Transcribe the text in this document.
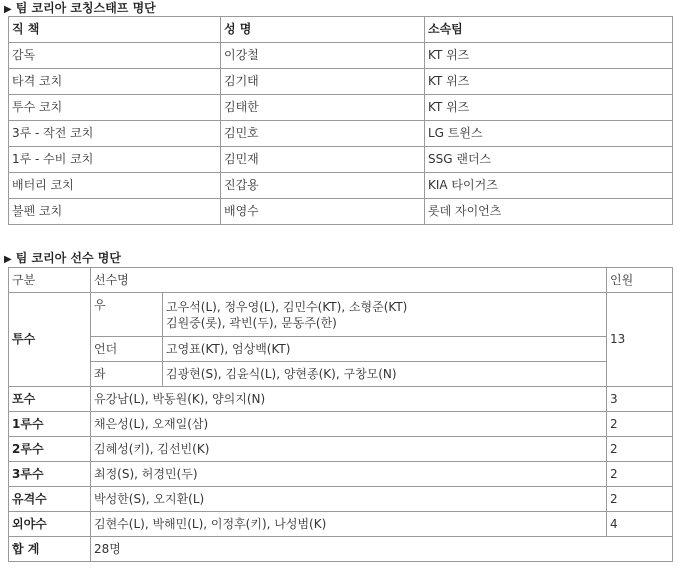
▶ 팀 코리아 코칭스태프 명단
직 책	성 명	소속팀
감독	이강철	KT 위즈
타격 코치	김기태	KT 위즈
투수 코치	김태한	KT 위즈
3루 - 작전 코치	김민호	LG 트윈스
1루 - 수비 코치	김민재	SSG 랜더스
배터리 코치	진갑용	KIA 타이거즈
불펜 코치	배영수	롯데 자이언츠
▶ 팀 코리아 선수 명단
구분	선수명		인원
투수	우	고우석(L), 정우영(L), 김민수(KT), 소형준(KT)
김원중(롯), 곽빈(두), 문동주(한)	13
	언더	고영표(KT), 엄상백(KT)	
	좌	김광현(S), 김윤식(L), 양현종(K), 구창모(N)	
포수	유강남(L), 박동원(K), 양의지(N)		3
1루수	채은성(L), 오재일(삼)		2
2루수	김혜성(키), 김선빈(K)		2
3루수	최정(S), 허경민(두)		2
유격수	박성한(S), 오지환(L)		2
외야수	김현수(L), 박해민(L), 이정후(키), 나성범(K)		4
합 계	28명		
